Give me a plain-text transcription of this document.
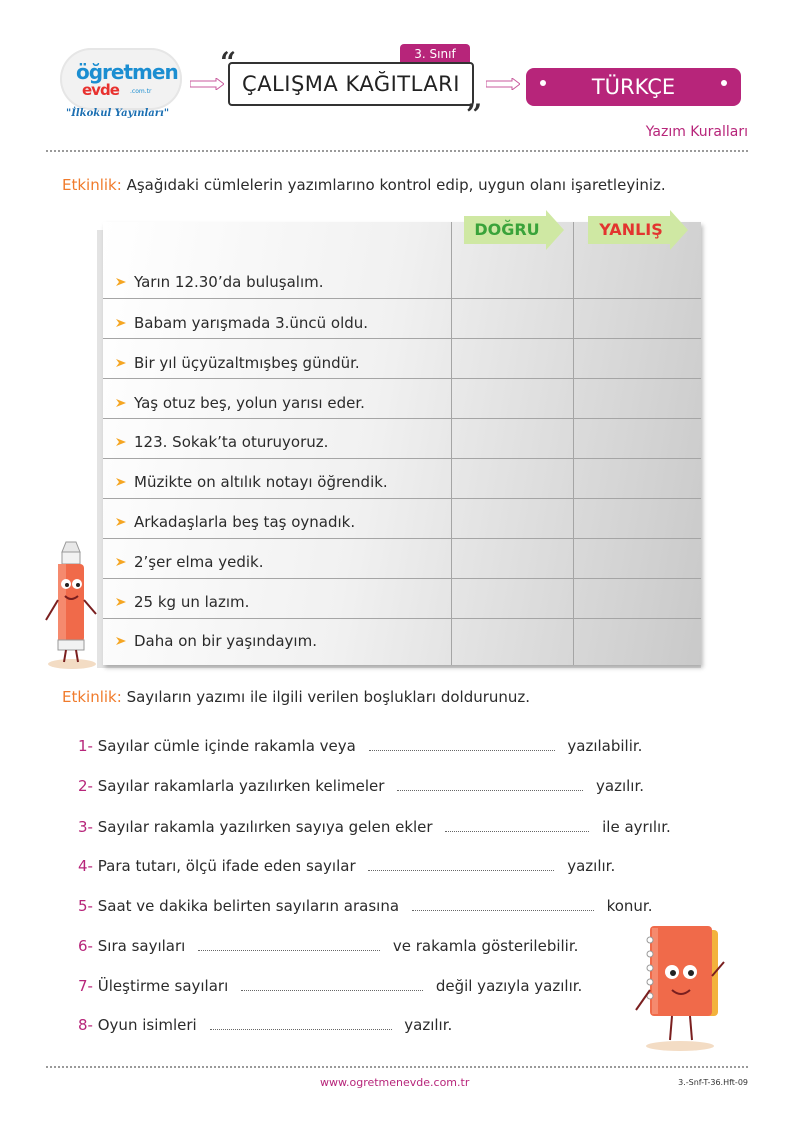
öğretmen
evde .com.tr
"İlkokul Yayınları"
3. Sınıf
“
ÇALIŞMA KAĞITLARI
”
TÜRKÇE
Yazım Kuralları
Etkinlik: Aşağıdaki cümlelerin yazımlarıno kontrol edip, uygun olanı işaretleyiniz.
DOĞRU	YANLIŞ
Yarın 12.30’da buluşalım.
Babam yarışmada 3.üncü oldu.
Bir yıl üçyüzaltmışbeş gündür.
Yaş otuz beş, yolun yarısı eder.
123. Sokak’ta oturuyoruz.
Müzikte on altılık notayı öğrendik.
Arkadaşlarla beş taş oynadık.
2’şer elma yedik.
25 kg un lazım.
Daha on bir yaşındayım.
Etkinlik: Sayıların yazımı ile ilgili verilen boşlukları doldurunuz.
1- Sayılar cümle içinde rakamla veya	yazılabilir.
2- Sayılar rakamlarla yazılırken kelimeler	yazılır.
3- Sayılar rakamla yazılırken sayıya gelen ekler	ile ayrılır.
4- Para tutarı, ölçü ifade eden sayılar	yazılır.
5- Saat ve dakika belirten sayıların arasına	konur.
6- Sıra sayıları	ve rakamla gösterilebilir.
7- Üleştirme sayıları	değil yazıyla yazılır.
8- Oyun isimleri	yazılır.
www.ogretmenevde.com.tr	3.-Snf-T-36.Hft-09
